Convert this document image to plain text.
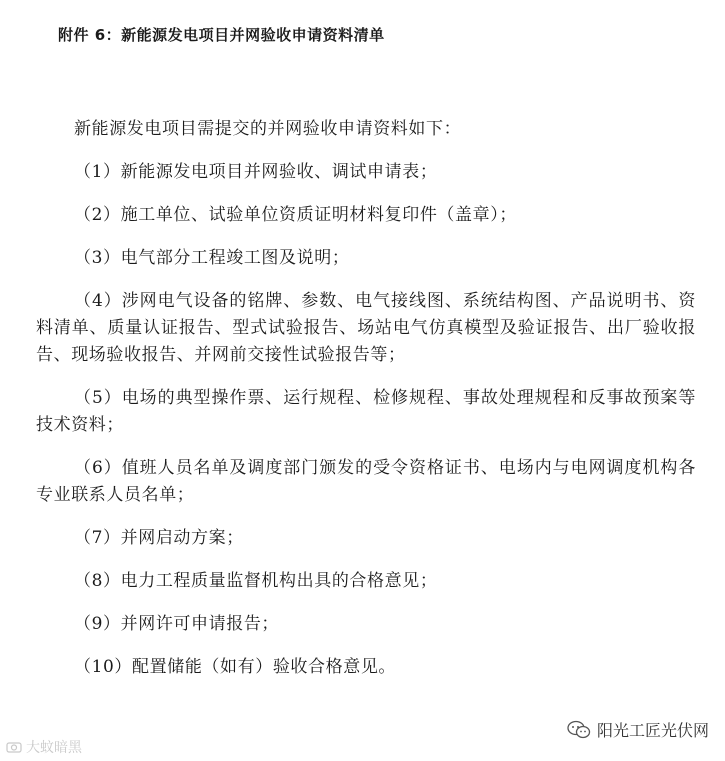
附件 6：新能源发电项目并网验收申请资料清单

新能源发电项目需提交的并网验收申请资料如下：

（1）新能源发电项目并网验收、调试申请表；

（2）施工单位、试验单位资质证明材料复印件（盖章）；

（3）电气部分工程竣工图及说明；

（4）涉网电气设备的铭牌、参数、电气接线图、系统结构图、产品说明书、资料清单、质量认证报告、型式试验报告、场站电气仿真模型及验证报告、出厂验收报告、现场验收报告、并网前交接性试验报告等；

（5）电场的典型操作票、运行规程、检修规程、事故处理规程和反事故预案等技术资料；

（6）值班人员名单及调度部门颁发的受令资格证书、电场内与电网调度机构各专业联系人员名单；

（7）并网启动方案；

（8）电力工程质量监督机构出具的合格意见；

（9）并网许可申请报告；

（10）配置储能（如有）验收合格意见。

大蚊暗黑
阳光工匠光伏网
